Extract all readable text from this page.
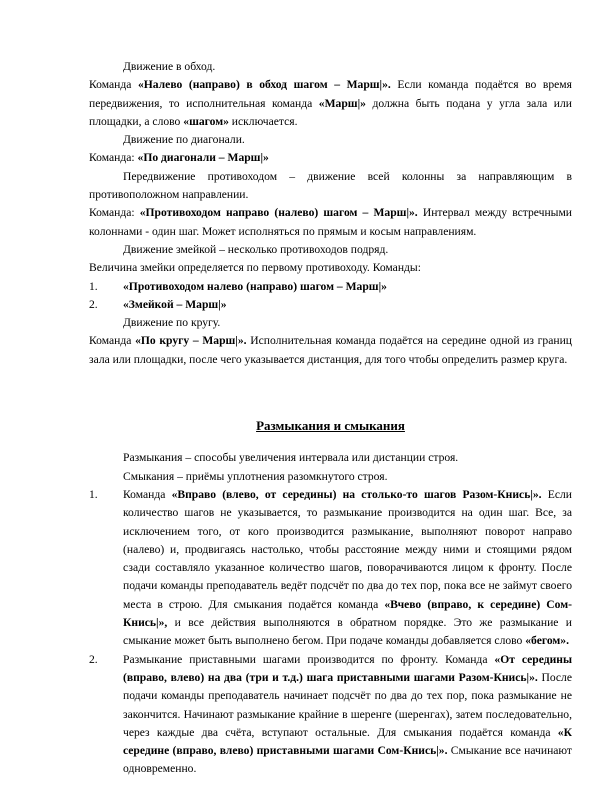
Движение в обход.

Команда «Налево (направо) в обход шагом – Марш|». Если команда подаётся во время передвижения, то исполнительная команда «Марш|» должна быть подана у угла зала или площадки, а слово «шагом» исключается.

Движение по диагонали.

Команда: «По диагонали – Марш|»

Передвижение противоходом – движение всей колонны за направляющим в противоположном направлении.

Команда: «Противоходом направо (налево) шагом – Марш|». Интервал между встречными колоннами - один шаг. Может исполняться по прямым и косым направлениям.

Движение змейкой – несколько противоходов подряд.

Величина змейки определяется по первому противоходу. Команды:

1.	«Противоходом налево (направо) шагом – Марш|»
2.	«Змейкой – Марш|»

Движение по кругу.

Команда «По кругу – Марш|». Исполнительная команда подаётся на середине одной из границ зала или площадки, после чего указывается дистанция, для того чтобы определить размер круга.

Размыкания и смыкания

Размыкания – способы увеличения интервала или дистанции строя.

Смыкания – приёмы уплотнения разомкнутого строя.

1.	Команда «Вправо (влево, от середины) на столько-то шагов Разом-Кнись|». Если количество шагов не указывается, то размыкание производится на один шаг. Все, за исключением того, от кого производится размыкание, выполняют поворот направо (налево) и, продвигаясь настолько, чтобы расстояние между ними и стоящими рядом сзади составляло указанное количество шагов, поворачиваются лицом к фронту. После подачи команды преподаватель ведёт подсчёт по два до тех пор, пока все не займут своего места в строю. Для смыкания подаётся команда «Вчево (вправо, к середине) Сом-Кнись|», и все действия выполняются в обратном порядке. Это же размыкание и смыкание может быть выполнено бегом. При подаче команды добавляется слово «бегом».
2.	Размыкание приставными шагами производится по фронту. Команда «От середины (вправо, влево) на два (три и т.д.) шага приставными шагами Разом-Кнись|». После подачи команды преподаватель начинает подсчёт по два до тех пор, пока размыкание не закончится. Начинают размыкание крайние в шеренге (шеренгах), затем последовательно, через каждые два счёта, вступают остальные. Для смыкания подаётся команда «К середине (вправо, влево) приставными шагами Сом-Кнись|». Смыкание все начинают одновременно.
